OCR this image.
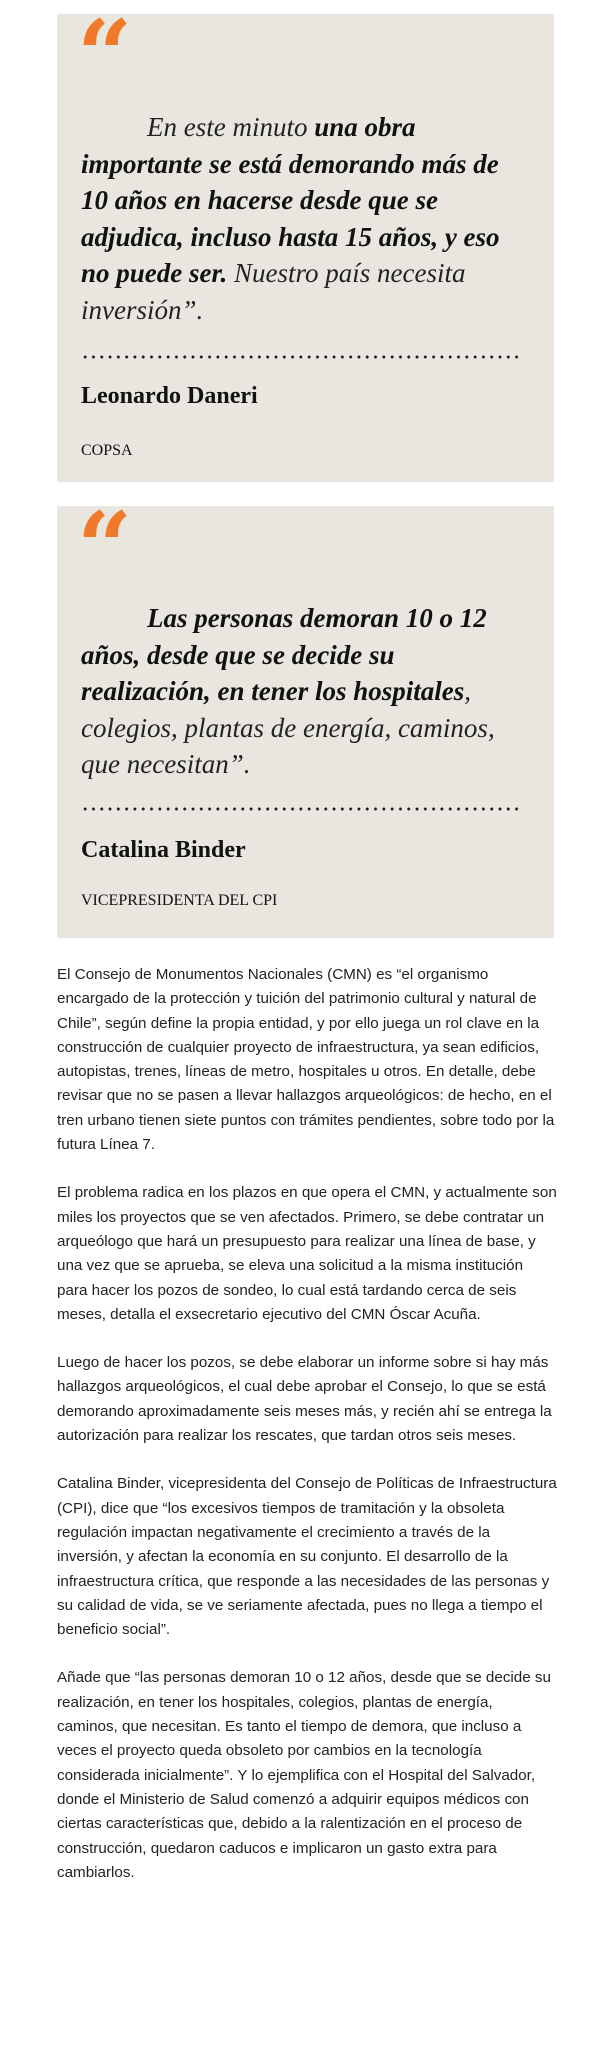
“

En este minuto una obra importante se está demorando más de 10 años en hacerse desde que se adjudica, incluso hasta 15 años, y eso no puede ser. Nuestro país necesita inversión”.

Leonardo Daneri
COPSA
“

Las personas demoran 10 o 12 años, desde que se decide su realización, en tener los hospitales, colegios, plantas de energía, caminos, que necesitan”.

Catalina Binder
VICEPRESIDENTA DEL CPI

El Consejo de Monumentos Nacionales (CMN) es “el organismo encargado de la protección y tuición del patrimonio cultural y natural de Chile”, según define la propia entidad, y por ello juega un rol clave en la construcción de cualquier proyecto de infraestructura, ya sean edificios, autopistas, trenes, líneas de metro, hospitales u otros. En detalle, debe revisar que no se pasen a llevar hallazgos arqueológicos: de hecho, en el tren urbano tienen siete puntos con trámites pendientes, sobre todo por la futura Línea 7.

El problema radica en los plazos en que opera el CMN, y actualmente son miles los proyectos que se ven afectados. Primero, se debe contratar un arqueólogo que hará un presupuesto para realizar una línea de base, y una vez que se aprueba, se eleva una solicitud a la misma institución para hacer los pozos de sondeo, lo cual está tardando cerca de seis meses, detalla el exsecretario ejecutivo del CMN Óscar Acuña.

Luego de hacer los pozos, se debe elaborar un informe sobre si hay más hallazgos arqueológicos, el cual debe aprobar el Consejo, lo que se está demorando aproximadamente seis meses más, y recién ahí se entrega la autorización para realizar los rescates, que tardan otros seis meses.

Catalina Binder, vicepresidenta del Consejo de Políticas de Infraestructura (CPI), dice que “los excesivos tiempos de tramitación y la obsoleta regulación impactan negativamente el crecimiento a través de la inversión, y afectan la economía en su conjunto. El desarrollo de la infraestructura crítica, que responde a las necesidades de las personas y su calidad de vida, se ve seriamente afectada, pues no llega a tiempo el beneficio social”.

Añade que “las personas demoran 10 o 12 años, desde que se decide su realización, en tener los hospitales, colegios, plantas de energía, caminos, que necesitan. Es tanto el tiempo de demora, que incluso a veces el proyecto queda obsoleto por cambios en la tecnología considerada inicialmente”. Y lo ejemplifica con el Hospital del Salvador, donde el Ministerio de Salud comenzó a adquirir equipos médicos con ciertas características que, debido a la ralentización en el proceso de construcción, quedaron caducos e implicaron un gasto extra para cambiarlos.
